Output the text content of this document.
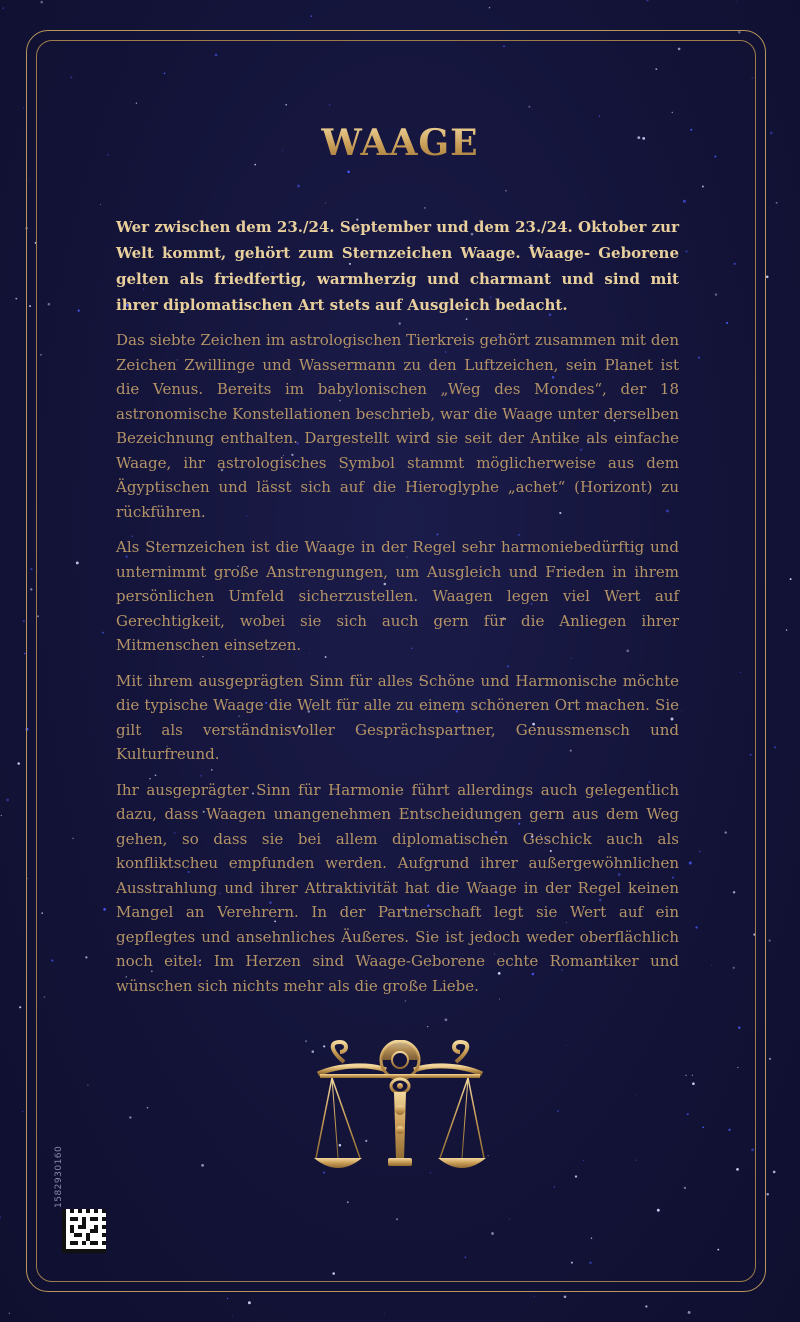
WAAGE

Wer zwischen dem 23./24. September und dem 23./24. Oktober zur Welt kommt, gehört zum Sternzeichen Waage. Waage- Geborene gelten als friedfertig, warmherzig und charmant und sind mit ihrer diplomatischen Art stets auf Ausgleich bedacht.

Das siebte Zeichen im astrologischen Tierkreis gehört zusammen mit den Zeichen Zwillinge und Wassermann zu den Luftzeichen, sein Planet ist die Venus. Bereits im babylonischen „Weg des Mondes“, der 18 astronomische Konstellationen beschrieb, war die Waage unter derselben Bezeichnung enthalten. Dargestellt wird sie seit der Antike als einfache Waage, ihr astrologisches Symbol stammt möglicherweise aus dem Ägyptischen und lässt sich auf die Hieroglyphe „achet“ (Horizont) zu rückführen.

Als Sternzeichen ist die Waage in der Regel sehr harmoniebedürftig und unternimmt große Anstrengungen, um Ausgleich und Frieden in ihrem persönlichen Umfeld sicherzustellen. Waagen legen viel Wert auf Gerechtigkeit, wobei sie sich auch gern für die Anliegen ihrer Mitmenschen einsetzen.

Mit ihrem ausgeprägten Sinn für alles Schöne und Harmonische möchte die typische Waage die Welt für alle zu einem schöneren Ort machen. Sie gilt als verständnisvoller Gesprächspartner, Genussmensch und Kulturfreund.

Ihr ausgeprägter Sinn für Harmonie führt allerdings auch gelegentlich dazu, dass Waagen unangenehmen Entscheidungen gern aus dem Weg gehen, so dass sie bei allem diplomatischen Geschick auch als konfliktscheu empfunden werden. Aufgrund ihrer außergewöhnlichen Ausstrahlung und ihrer Attraktivität hat die Waage in der Regel keinen Mangel an Verehrern. In der Partnerschaft legt sie Wert auf ein gepflegtes und ansehnliches Äußeres. Sie ist jedoch weder oberflächlich noch eitel: Im Herzen sind Waage-Geborene echte Romantiker und wünschen sich nichts mehr als die große Liebe.

1582930160
